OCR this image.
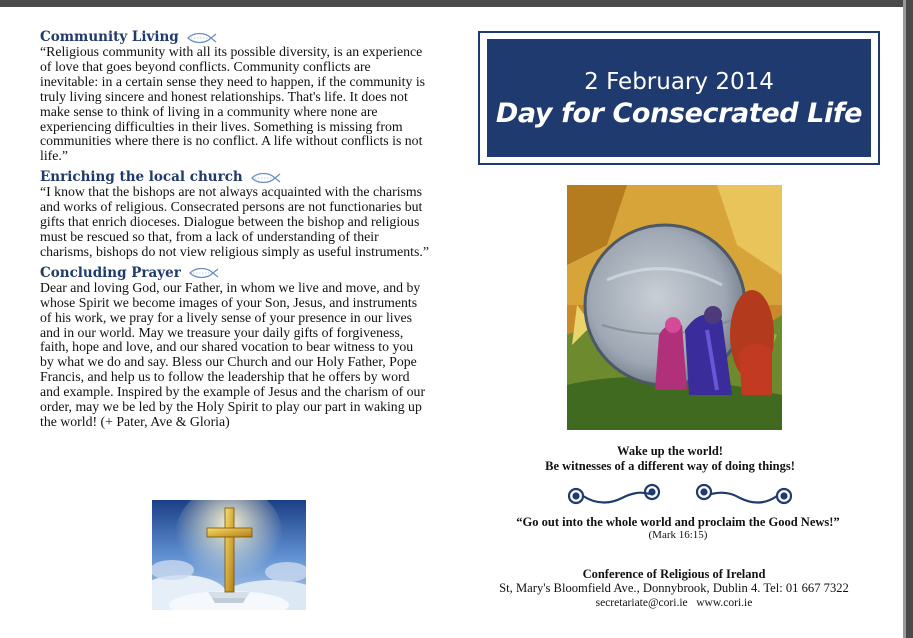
Community Living

“Religious community with all its possible diversity, is an experience of love that goes beyond conflicts. Community conflicts are inevitable: in a certain sense they need to happen, if the community is truly living sincere and honest relationships. That's life. It does not make sense to think of living in a community where none are experiencing difficulties in their lives. Something is missing from communities where there is no conflict. A life without conflicts is not life.”

Enriching the local church

“I know that the bishops are not always acquainted with the charisms and works of religious. Consecrated persons are not functionaries but gifts that enrich dioceses. Dialogue between the bishop and religious must be rescued so that, from a lack of understanding of their charisms, bishops do not view religious simply as useful instruments.”

Concluding Prayer

Dear and loving God, our Father, in whom we live and move, and by whose Spirit we become images of your Son, Jesus, and instruments of his work, we pray for a lively sense of your presence in our lives and in our world. May we treasure your daily gifts of forgiveness, faith, hope and love, and our shared vocation to bear witness to you by what we do and say. Bless our Church and our Holy Father, Pope Francis, and help us to follow the leadership that he offers by word and example. Inspired by the example of Jesus and the charism of our order, may we be led by the Holy Spirit to play our part in waking up the world! (+ Pater, Ave & Gloria)

2 February 2014
Day for Consecrated Life
Wake up the world!
Be witnesses of a different way of doing things!
“Go out into the whole world and proclaim the Good News!”
(Mark 16:15)
Conference of Religious of Ireland
St, Mary's Bloomfield Ave., Donnybrook, Dublin 4. Tel: 01 667 7322
secretariate@cori.ie www.cori.ie
